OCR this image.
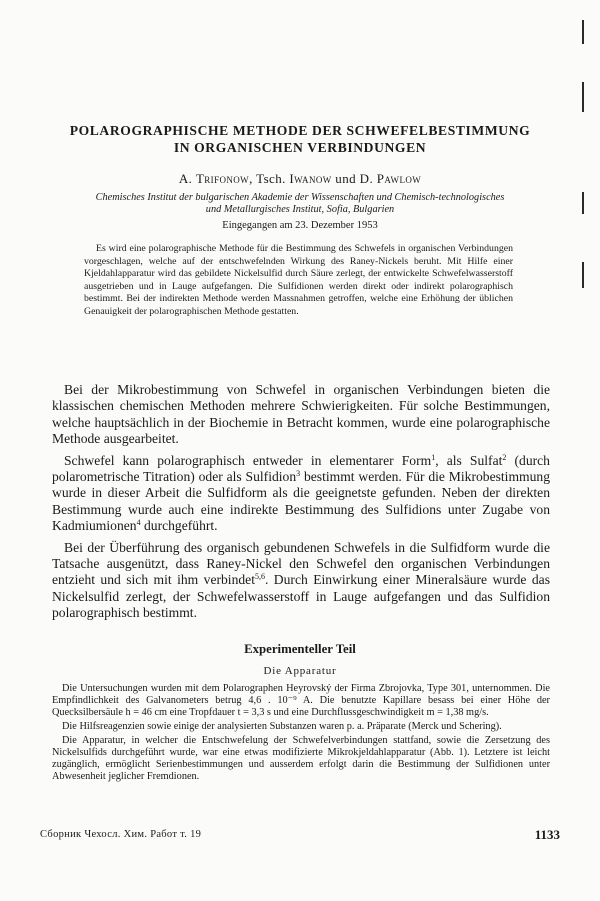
POLAROGRAPHISCHE METHODE DER SCHWEFELBESTIMMUNG
IN ORGANISCHEN VERBINDUNGEN
A. Trifonow, Tsch. Iwanow und D. Pawlow
Chemisches Institut der bulgarischen Akademie der Wissenschaften und Chemisch-technologisches
und Metallurgisches Institut, Sofia, Bulgarien
Eingegangen am 23. Dezember 1953
Es wird eine polarographische Methode für die Bestimmung des Schwefels in organischen Verbindungen vorgeschlagen, welche auf der entschwefelnden Wirkung des Raney-Nickels beruht. Mit Hilfe einer Kjeldahlapparatur wird das gebildete Nickelsulfid durch Säure zerlegt, der entwickelte Schwefelwasserstoff ausgetrieben und in Lauge aufgefangen. Die Sulfidionen werden direkt oder indirekt polarographisch bestimmt. Bei der indirekten Methode werden Massnahmen getroffen, welche eine Erhöhung der üblichen Genauigkeit der polarographischen Methode gestatten.

Bei der Mikrobestimmung von Schwefel in organischen Verbindungen bieten die klassischen chemischen Methoden mehrere Schwierigkeiten. Für solche Bestimmungen, welche hauptsächlich in der Biochemie in Betracht kommen, wurde eine polarographische Methode ausgearbeitet.

Schwefel kann polarographisch entweder in elementarer Form$^1$, als Sulfat$^2$ (durch polarometrische Titration) oder als Sulfidion$^3$ bestimmt werden. Für die Mikrobestimmung wurde in dieser Arbeit die Sulfidform als die geeignetste gefunden. Neben der direkten Bestimmung wurde auch eine indirekte Bestimmung des Sulfidions unter Zugabe von Kadmiumionen$^4$ durchgeführt.

Bei der Überführung des organisch gebundenen Schwefels in die Sulfidform wurde die Tatsache ausgenützt, dass Raney-Nickel den Schwefel den organischen Verbindungen entzieht und sich mit ihm verbindet$^{5,6}$. Durch Einwirkung einer Mineralsäure wurde das Nickelsulfid zerlegt, der Schwefelwasserstoff in Lauge aufgefangen und das Sulfidion polarographisch bestimmt.

Experimenteller Teil
Die Apparatur

Die Untersuchungen wurden mit dem Polarographen Heyrovský der Firma Zbrojovka, Type 301, unternommen. Die Empfindlichkeit des Galvanometers betrug 4,6 . 10⁻⁹ A. Die benutzte Kapillare besass bei einer Höhe der Quecksilbersäule h = 46 cm eine Tropfdauer t = 3,3 s und eine Durchflussgeschwindigkeit m = 1,38 mg/s.

Die Hilfsreagenzien sowie einige der analysierten Substanzen waren p. a. Präparate (Merck und Schering).

Die Apparatur, in welcher die Entschwefelung der Schwefelverbindungen stattfand, sowie die Zersetzung des Nickelsulfids durchgeführt wurde, war eine etwas modifizierte Mikrokjeldahlapparatur (Abb. 1). Letztere ist leicht zugänglich, ermöglicht Serienbestimmungen und ausserdem erfolgt darin die Bestimmung der Sulfidionen unter Abwesenheit jeglicher Fremdionen.

Сборник Чехосл. Хим. Работ т. 19	1133
